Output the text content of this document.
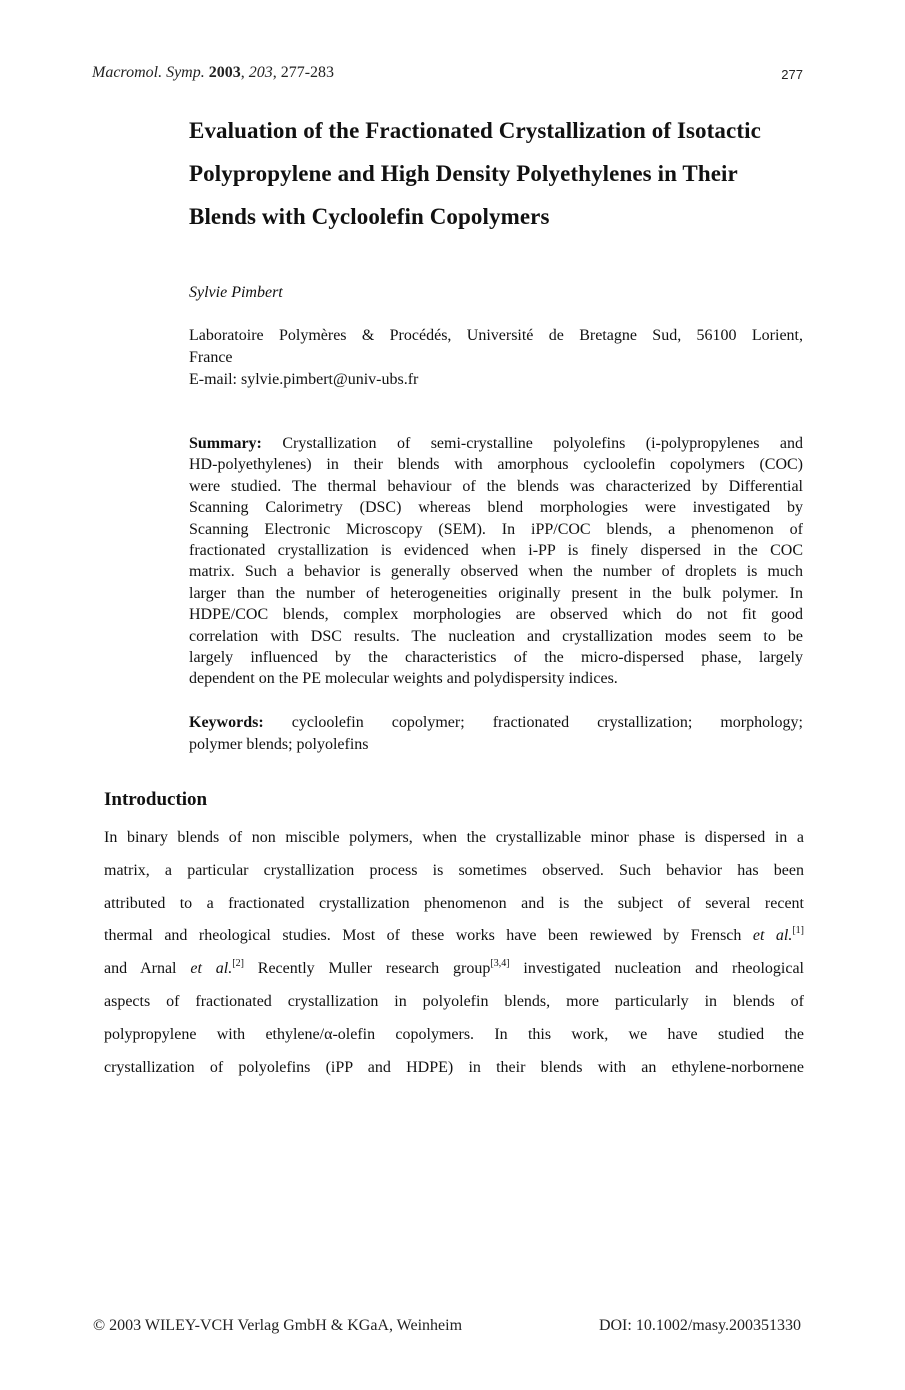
Macromol. Symp. 2003, 203, 277-283	277
Evaluation of the Fractionated Crystallization of Isotactic
Polypropylene and High Density Polyethylenes in Their
Blends with Cycloolefin Copolymers
Sylvie Pimbert
Laboratoire Polymères & Procédés, Université de Bretagne Sud, 56100 Lorient,
France
E-mail: sylvie.pimbert@univ-ubs.fr
Summary: Crystallization of semi-crystalline polyolefins (i-polypropylenes and
HD-polyethylenes) in their blends with amorphous cycloolefin copolymers (COC)
were studied. The thermal behaviour of the blends was characterized by Differential
Scanning Calorimetry (DSC) whereas blend morphologies were investigated by
Scanning Electronic Microscopy (SEM). In iPP/COC blends, a phenomenon of
fractionated crystallization is evidenced when i-PP is finely dispersed in the COC
matrix. Such a behavior is generally observed when the number of droplets is much
larger than the number of heterogeneities originally present in the bulk polymer. In
HDPE/COC blends, complex morphologies are observed which do not fit good
correlation with DSC results. The nucleation and crystallization modes seem to be
largely influenced by the characteristics of the micro-dispersed phase, largely
dependent on the PE molecular weights and polydispersity indices.
Keywords: cycloolefin copolymer; fractionated crystallization; morphology;
polymer blends; polyolefins
Introduction
In binary blends of non miscible polymers, when the crystallizable minor phase is dispersed in a
matrix, a particular crystallization process is sometimes observed. Such behavior has been
attributed to a fractionated crystallization phenomenon and is the subject of several recent
thermal and rheological studies. Most of these works have been rewiewed by Frensch et al.[1]
and Arnal et al.[2] Recently Muller research group[3,4] investigated nucleation and rheological
aspects of fractionated crystallization in polyolefin blends, more particularly in blends of
polypropylene with ethylene/α-olefin copolymers. In this work, we have studied the
crystallization of polyolefins (iPP and HDPE) in their blends with an ethylene-norbornene
© 2003 WILEY-VCH Verlag GmbH & KGaA, Weinheim	DOI: 10.1002/masy.200351330
